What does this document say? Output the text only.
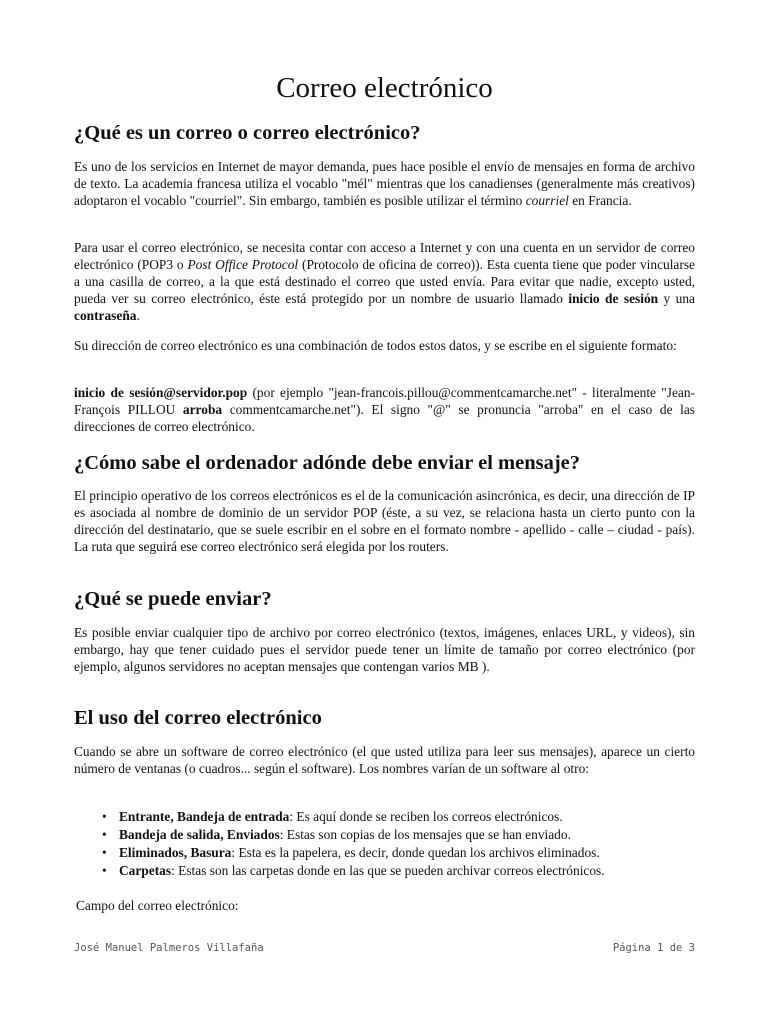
Correo electrónico
¿Qué es un correo o correo electrónico?

Es uno de los servicios en Internet de mayor demanda, pues hace posible el envío de mensajes en forma de archivo de texto. La academia francesa utiliza el vocablo "mél" mientras que los canadienses (generalmente más creativos) adoptaron el vocablo "courriel". Sin embargo, también es posible utilizar el término courriel en Francia.

Para usar el correo electrónico, se necesita contar con acceso a Internet y con una cuenta en un servidor de correo electrónico (POP3 o Post Office Protocol (Protocolo de oficina de correo)). Esta cuenta tiene que poder vincularse a una casilla de correo, a la que está destinado el correo que usted envía. Para evitar que nadie, excepto usted, pueda ver su correo electrónico, éste está protegido por un nombre de usuario llamado inicio de sesión y una contraseña.

Su dirección de correo electrónico es una combinación de todos estos datos, y se escribe en el siguiente formato:

inicio de sesión@servidor.pop (por ejemplo "jean-francois.pillou@commentcamarche.net" - literalmente "Jean-François PILLOU arroba commentcamarche.net"). El signo "@" se pronuncia "arroba" en el caso de las direcciones de correo electrónico.

¿Cómo sabe el ordenador adónde debe enviar el mensaje?

El principio operativo de los correos electrónicos es el de la comunicación asincrónica, es decir, una dirección de IP es asociada al nombre de dominio de un servidor POP (éste, a su vez, se relaciona hasta un cierto punto con la dirección del destinatario, que se suele escribir en el sobre en el formato nombre - apellido - calle – ciudad - país). La ruta que seguirá ese correo electrónico será elegida por los routers.

¿Qué se puede enviar?

Es posible enviar cualquier tipo de archivo por correo electrónico (textos, imágenes, enlaces URL, y videos), sin embargo, hay que tener cuidado pues el servidor puede tener un límite de tamaño por correo electrónico (por ejemplo, algunos servidores no aceptan mensajes que contengan varios MB ).

El uso del correo electrónico

Cuando se abre un software de correo electrónico (el que usted utiliza para leer sus mensajes), aparece un cierto número de ventanas (o cuadros... según el software). Los nombres varían de un software al otro:

• Entrante, Bandeja de entrada: Es aquí donde se reciben los correos electrónicos.
• Bandeja de salida, Enviados: Estas son copias de los mensajes que se han enviado.
• Eliminados, Basura: Esta es la papelera, es decir, donde quedan los archivos eliminados.
• Carpetas: Estas son las carpetas donde en las que se pueden archivar correos electrónicos.

Campo del correo electrónico:

José Manuel Palmeros Villafaña	Página 1 de 3
